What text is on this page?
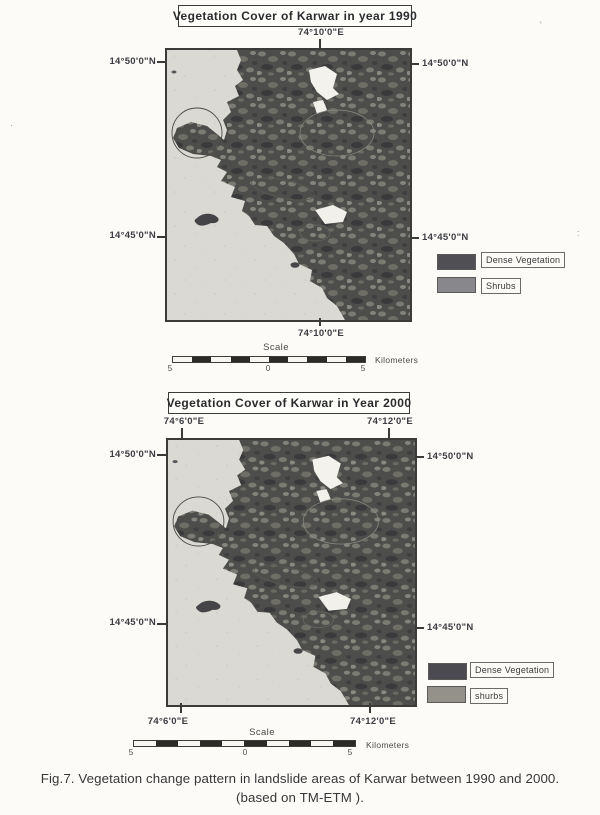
Vegetation Cover of Karwar in year 1990
74°10'0"E
14°50'0"N
14°45'0"N
14°50'0"N
14°45'0"N
Dense Vegetation
Shrubs
74°10'0"E
Scale
5	0	5
Kilometers
Vegetation Cover of Karwar in Year 2000
74°6'0"E	74°12'0"E
14°50'0"N
14°45'0"N
14°50'0"N
14°45'0"N
Dense Vegetation
shurbs
74°6'0"E	74°12'0"E
Scale
5	0	5
Kilometers
Fig.7. Vegetation change pattern in landslide areas of Karwar between 1990 and 2000.
(based on TM-ETM ).
'
·
:
